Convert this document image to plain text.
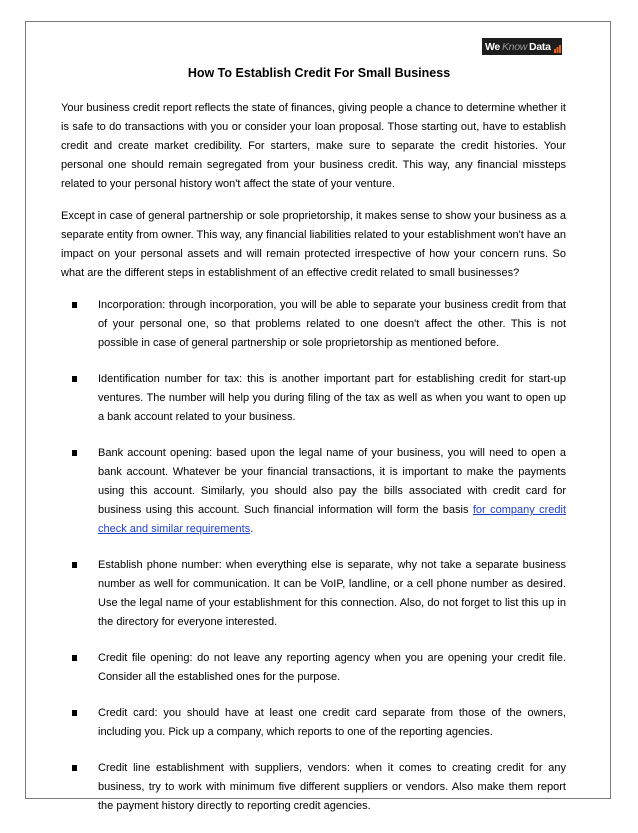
We Know Data
How To Establish Credit For Small Business

Your business credit report reflects the state of finances, giving people a chance to determine whether it is safe to do transactions with you or consider your loan proposal. Those starting out, have to establish credit and create market credibility. For starters, make sure to separate the credit histories. Your personal one should remain segregated from your business credit. This way, any financial missteps related to your personal history won't affect the state of your venture.

Except in case of general partnership or sole proprietorship, it makes sense to show your business as a separate entity from owner. This way, any financial liabilities related to your establishment won't have an impact on your personal assets and will remain protected irrespective of how your concern runs. So what are the different steps in establishment of an effective credit related to small businesses?

Incorporation: through incorporation, you will be able to separate your business credit from that of your personal one, so that problems related to one doesn't affect the other. This is not possible in case of general partnership or sole proprietorship as mentioned before.
Identification number for tax: this is another important part for establishing credit for start-up ventures. The number will help you during filing of the tax as well as when you want to open up a bank account related to your business.
Bank account opening: based upon the legal name of your business, you will need to open a bank account. Whatever be your financial transactions, it is important to make the payments using this account. Similarly, you should also pay the bills associated with credit card for business using this account. Such financial information will form the basis for company credit check and similar requirements.
Establish phone number: when everything else is separate, why not take a separate business number as well for communication. It can be VoIP, landline, or a cell phone number as desired. Use the legal name of your establishment for this connection. Also, do not forget to list this up in the directory for everyone interested.
Credit file opening: do not leave any reporting agency when you are opening your credit file. Consider all the established ones for the purpose.
Credit card: you should have at least one credit card separate from those of the owners, including you. Pick up a company, which reports to one of the reporting agencies.
Credit line establishment with suppliers, vendors: when it comes to creating credit for any business, try to work with minimum five different suppliers or vendors. Also make them report the payment history directly to reporting credit agencies.
